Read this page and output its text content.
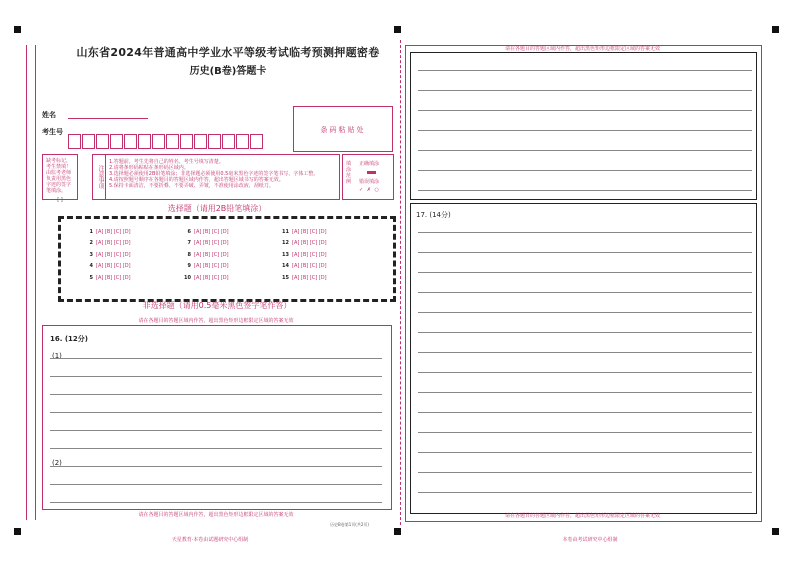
山东省2024年普通高中学业水平等级考试临考预测押题密卷
历史(B卷)答题卡
姓名
考生号	条码粘贴处
缺考标记，考生禁填！由监考老师负责用黑色字迹的签字笔填涂。
[ ]
注意事项
1.答题前，考生先将自己的姓名、考生号填写清楚。
2.请将条形码粘贴在条形码区域内。
3.选择题必须使用2B铅笔填涂；非选择题必须使用0.5毫米黑色字迹的签字笔书写，字体工整。
4.请按照题号顺序在各题目的答题区域内作答，超出答题区域书写的答案无效。
5.保持卡面清洁，不要折叠、不要弄破、弄皱，不准使用涂改液、刮纸刀。
填涂范例
正确填涂
错误填涂
✓ ✗ ○
选择题（请用2B铅笔填涂）
1 [A] [B] [C] [D]
2 [A] [B] [C] [D]
3 [A] [B] [C] [D]
4 [A] [B] [C] [D]
5 [A] [B] [C] [D]
6 [A] [B] [C] [D]
7 [A] [B] [C] [D]
8 [A] [B] [C] [D]
9 [A] [B] [C] [D]
10 [A] [B] [C] [D]
11 [A] [B] [C] [D]
12 [A] [B] [C] [D]
13 [A] [B] [C] [D]
14 [A] [B] [C] [D]
15 [A] [B] [C] [D]
非选择题（请用0.5毫米黑色签字笔作答）
请在各题目的答题区域内作答，超出黑色矩形边框限定区域的答案无效
16. (12分)
(1)
(2)
请在各题目的答题区域内作答，超出黑色矩形边框限定区域的答案无效
历史B卷第1页(共2页)
天星教育·本卷由试题研究中心组制
请在各题目的答题区域内作答，超出黑色矩形边框限定区域的答案无效
17. (14分)
请在各题目的答题区域内作答，超出黑色矩形边框限定区域的答案无效
本卷由考试研究中心组制
